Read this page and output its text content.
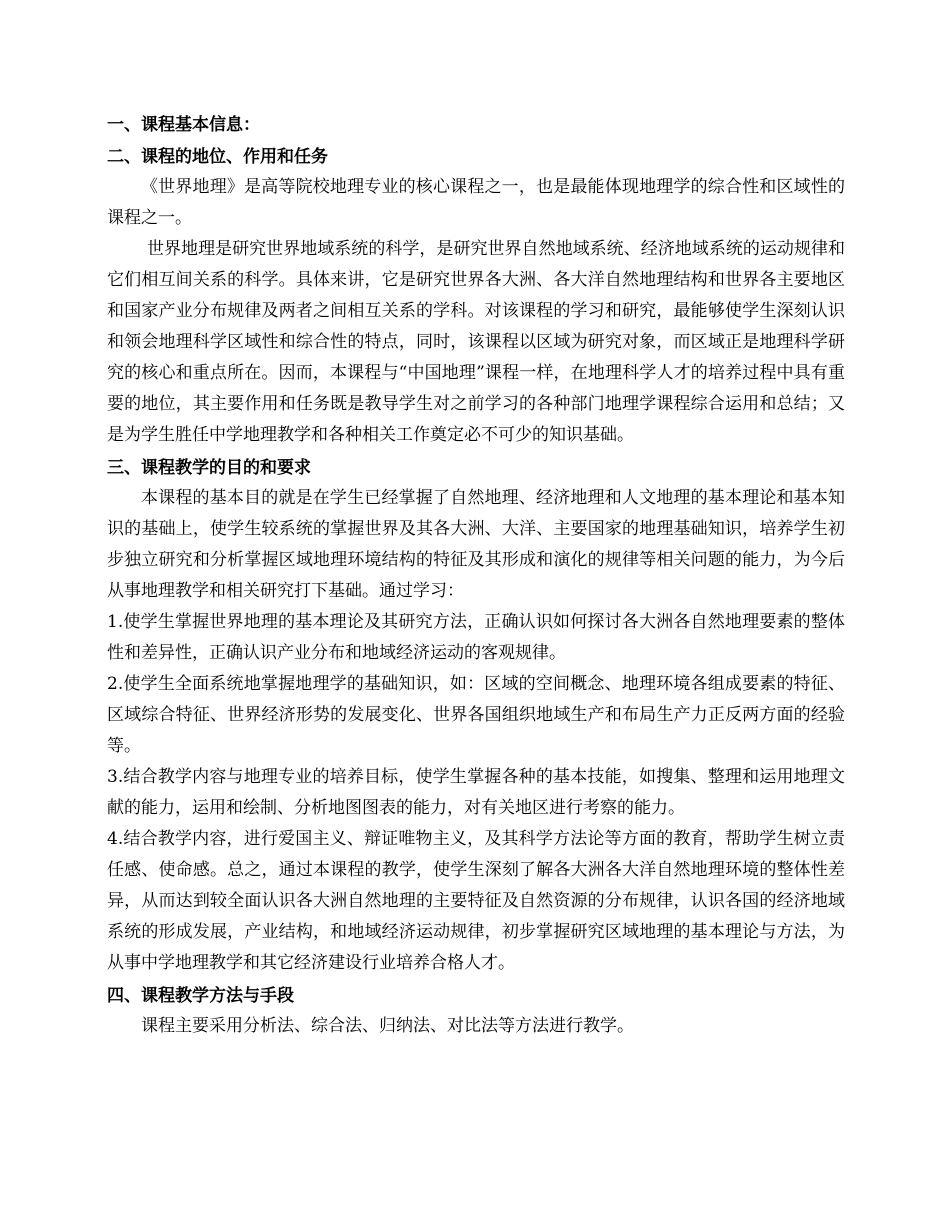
一、课程基本信息：

二、课程的地位、作用和任务

《世界地理》是高等院校地理专业的核心课程之一，也是最能体现地理学的综合性和区域性的课程之一。

世界地理是研究世界地域系统的科学，是研究世界自然地域系统、经济地域系统的运动规律和它们相互间关系的科学。具体来讲，它是研究世界各大洲、各大洋自然地理结构和世界各主要地区和国家产业分布规律及两者之间相互关系的学科。对该课程的学习和研究，最能够使学生深刻认识和领会地理科学区域性和综合性的特点，同时，该课程以区域为研究对象，而区域正是地理科学研究的核心和重点所在。因而，本课程与“中国地理”课程一样，在地理科学人才的培养过程中具有重要的地位，其主要作用和任务既是教导学生对之前学习的各种部门地理学课程综合运用和总结；又是为学生胜任中学地理教学和各种相关工作奠定必不可少的知识基础。

三、课程教学的目的和要求

本课程的基本目的就是在学生已经掌握了自然地理、经济地理和人文地理的基本理论和基本知识的基础上，使学生较系统的掌握世界及其各大洲、大洋、主要国家的地理基础知识，培养学生初步独立研究和分析掌握区域地理环境结构的特征及其形成和演化的规律等相关问题的能力，为今后从事地理教学和相关研究打下基础。通过学习：

1.使学生掌握世界地理的基本理论及其研究方法，正确认识如何探讨各大洲各自然地理要素的整体性和差异性，正确认识产业分布和地域经济运动的客观规律。

2.使学生全面系统地掌握地理学的基础知识，如：区域的空间概念、地理环境各组成要素的特征、区域综合特征、世界经济形势的发展变化、世界各国组织地域生产和布局生产力正反两方面的经验等。

3.结合教学内容与地理专业的培养目标，使学生掌握各种的基本技能，如搜集、整理和运用地理文献的能力，运用和绘制、分析地图图表的能力，对有关地区进行考察的能力。

4.结合教学内容，进行爱国主义、辩证唯物主义，及其科学方法论等方面的教育，帮助学生树立责任感、使命感。总之，通过本课程的教学，使学生深刻了解各大洲各大洋自然地理环境的整体性差异，从而达到较全面认识各大洲自然地理的主要特征及自然资源的分布规律，认识各国的经济地域系统的形成发展，产业结构，和地域经济运动规律，初步掌握研究区域地理的基本理论与方法，为从事中学地理教学和其它经济建设行业培养合格人才。

四、课程教学方法与手段

课程主要采用分析法、综合法、归纳法、对比法等方法进行教学。
